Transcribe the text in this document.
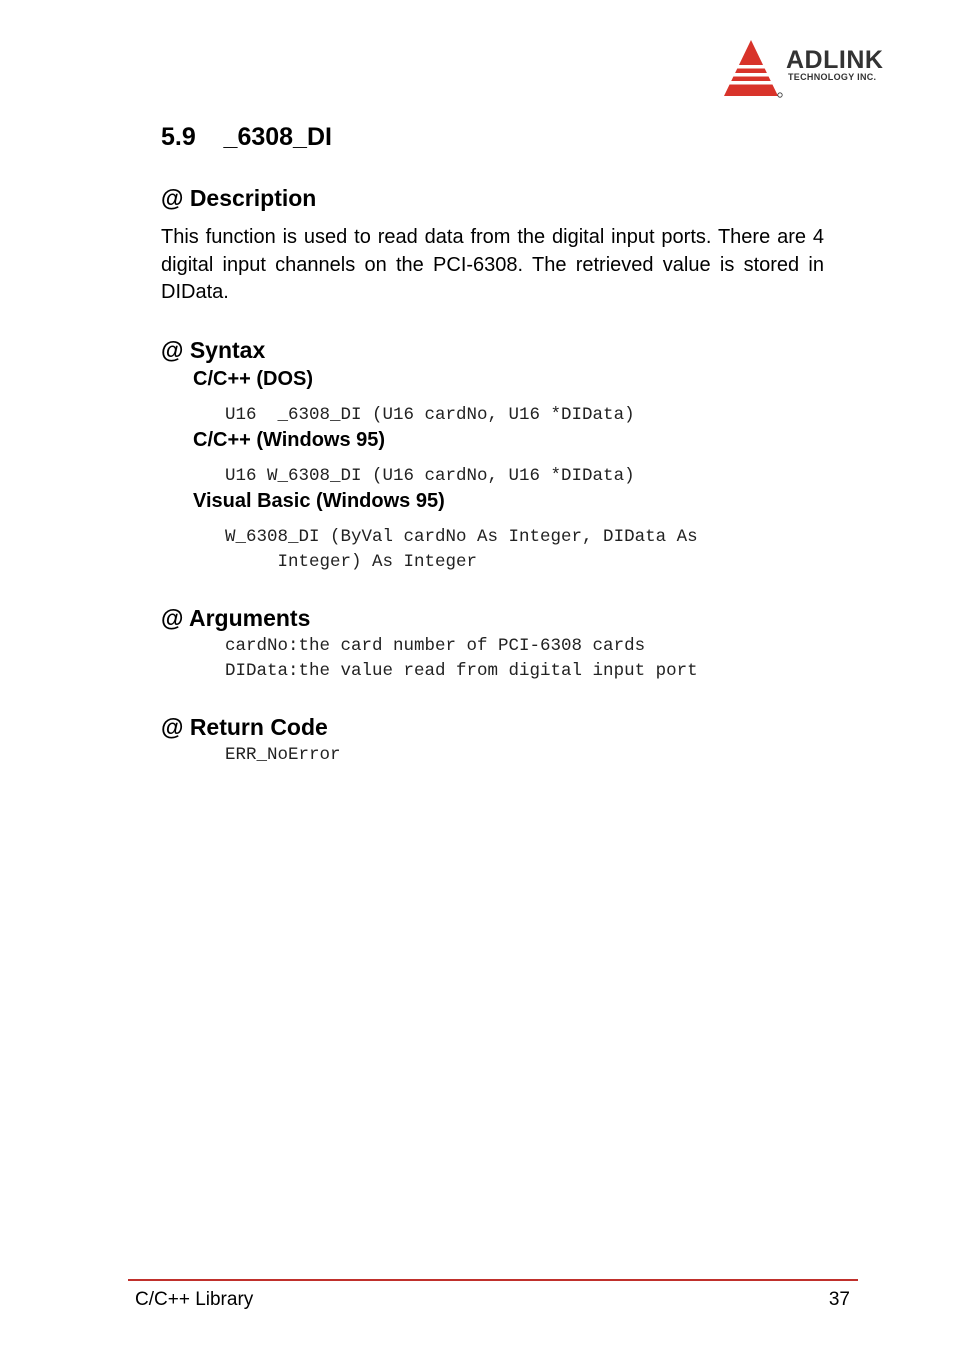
ADLINK
TECHNOLOGY INC.
5.9    _6308_DI
@ Description

This function is used to read data from the digital input ports. There are 4 digital input channels on the PCI-6308. The retrieved value is stored in DIData.

@ Syntax
C/C++ (DOS)
U16  _6308_DI (U16 cardNo, U16 *DIData)
C/C++ (Windows 95)
U16 W_6308_DI (U16 cardNo, U16 *DIData)
Visual Basic (Windows 95)
W_6308_DI (ByVal cardNo As Integer, DIData As
Integer) As Integer
@ Arguments
cardNo:the card number of PCI-6308 cards
DIData:the value read from digital input port
@ Return Code
ERR_NoError
C/C++ Library	37
